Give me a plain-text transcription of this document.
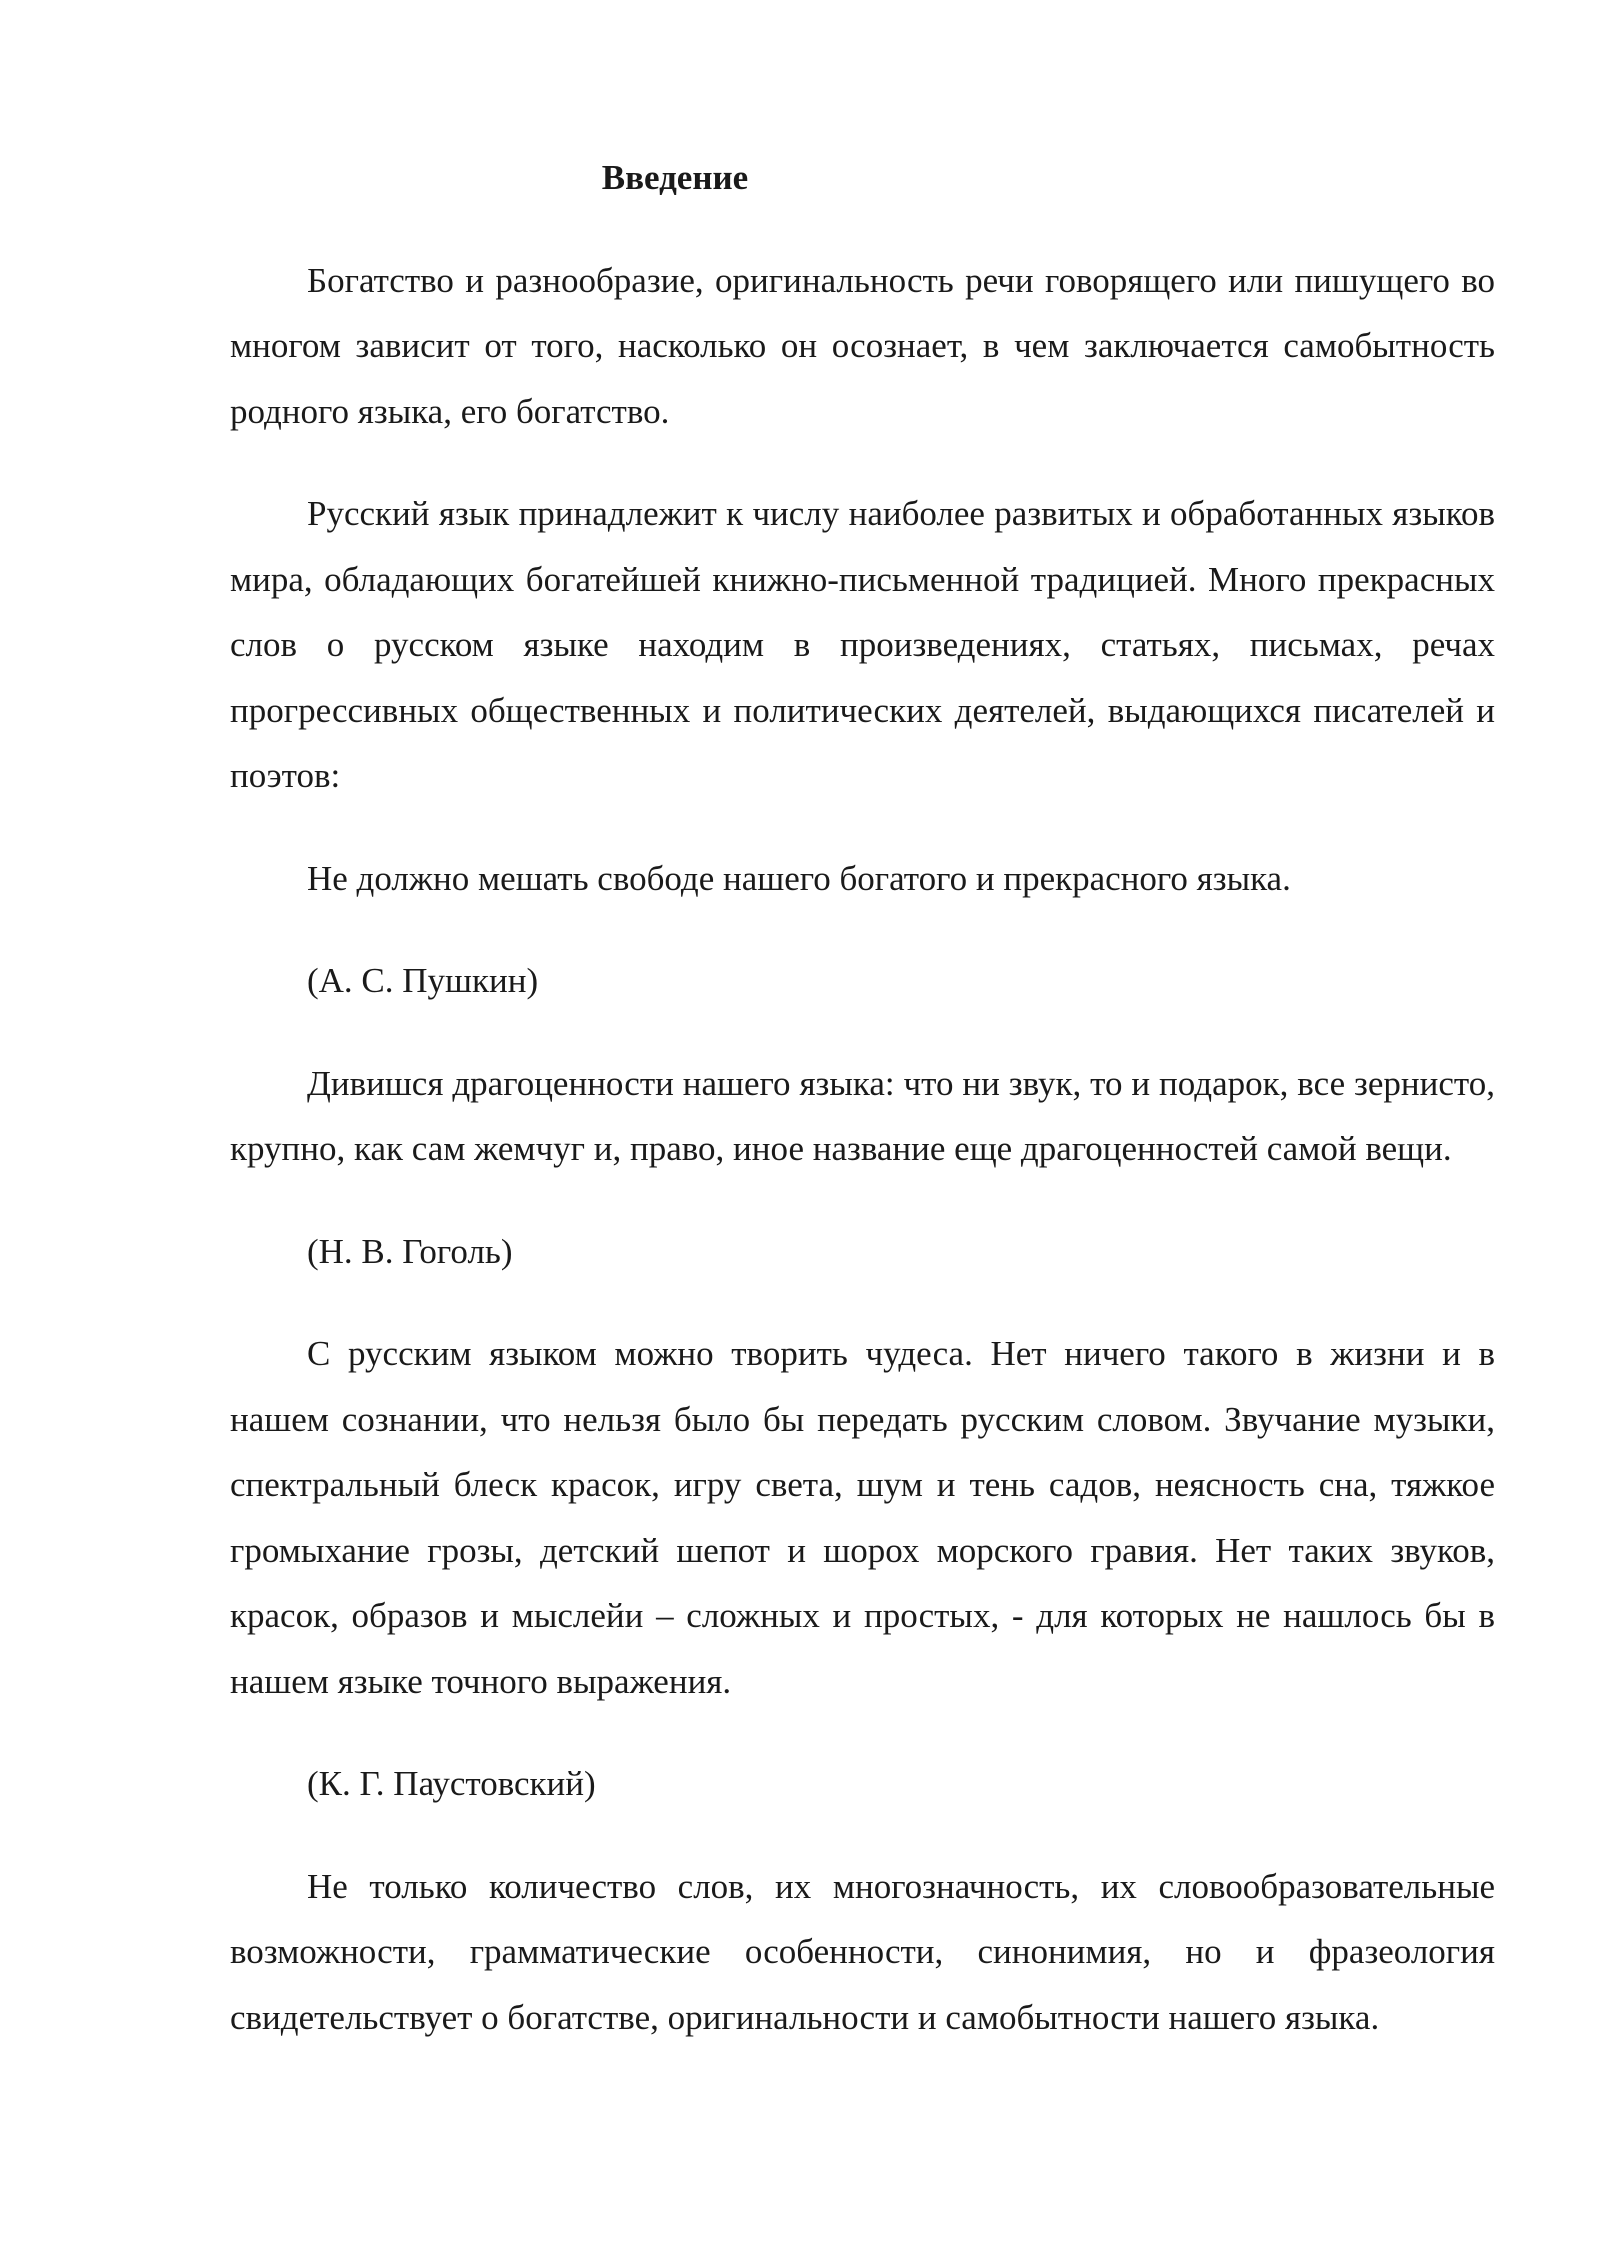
Введение

Богатство и разнообразие, оригинальность речи говорящего или пишущего во многом зависит от того, насколько он осознает, в чем заключается самобытность родного языка, его богатство.

Русский язык принадлежит к числу наиболее развитых и обработанных языков мира, обладающих богатейшей книжно-письменной традицией. Много прекрасных слов о русском языке находим в произведениях, статьях, письмах, речах прогрессивных общественных и политических деятелей, выдающихся писателей и поэтов:

Не должно мешать свободе нашего богатого и прекрасного языка.

(А. С. Пушкин)

Дивишся драгоценности нашего языка: что ни звук, то и подарок, все зернисто, крупно, как сам жемчуг и, право, иное название еще драгоценностей самой вещи.

(Н. В. Гоголь)

С русским языком можно творить чудеса. Нет ничего такого в жизни и в нашем сознании, что нельзя было бы передать русским словом. Звучание музыки, спектральный блеск красок, игру света, шум и тень садов, неясность сна, тяжкое громыхание грозы, детский шепот и шорох морского гравия. Нет таких звуков, красок, образов и мыслейи – сложных и простых, - для которых не нашлось бы в нашем языке точного выражения.

(К. Г. Паустовский)

Не только количество слов, их многозначность, их словообразовательные возможности, грамматические особенности, синонимия, но и фразеология свидетельствует о богатстве, оригинальности и самобытности нашего языка.
